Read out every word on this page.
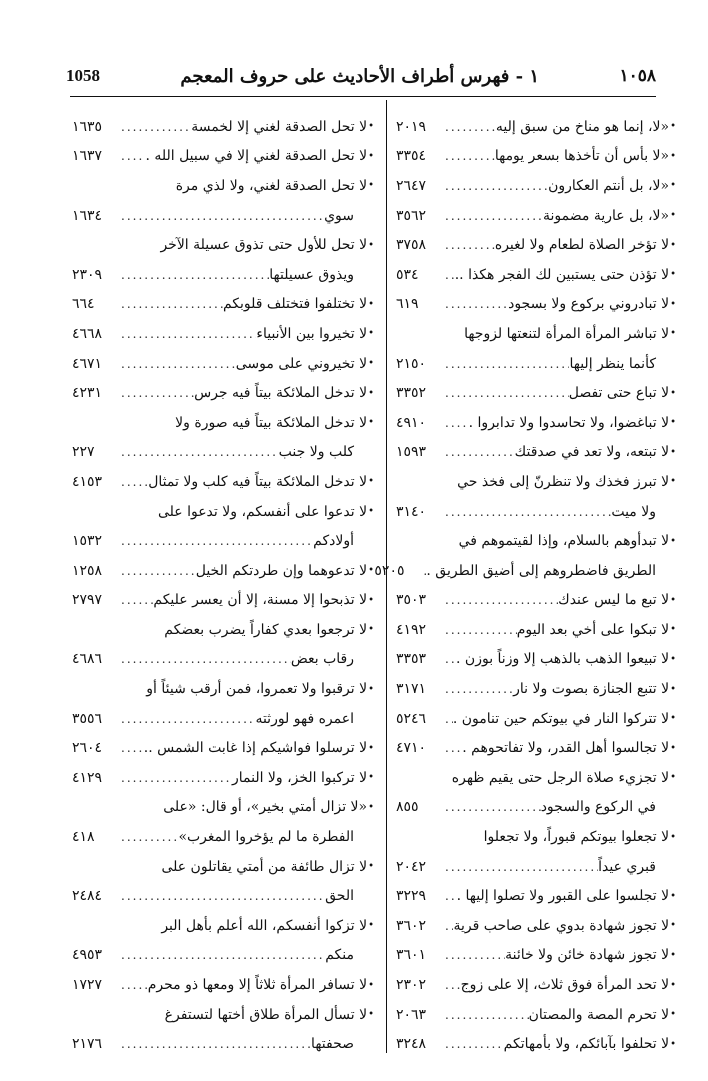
1058	١ - فهرس أطراف الأحاديث على حروف المعجم	١٠٥٨
•
«لا، إنما هو مناخ من سبق إليه
.....
٢٠١٩
•
«لا بأس أن تأخذها بسعر يومها
.....
٣٣٥٤
•
«لا، بل أنتم العكارون
.....
٢٦٤٧
•
«لا، بل عارية مضمونة
.....
٣٥٦٢
•
لا تؤخر الصلاة لطعام ولا لغيره
.....
٣٧٥٨
•
لا تؤذن حتى يستبين لك الفجر هكذا ..
.....
٥٣٤
•
لا تبادروني بركوع ولا بسجود
.....
٦١٩
•
لا تباشر المرأة المرأة لتنعتها لزوجها
كأنما ينظر إليها
.....
٢١٥٠
•
لا تباع حتى تفصل
.....
٣٣٥٢
•
لا تباغضوا، ولا تحاسدوا ولا تدابروا .
.....
٤٩١٠
•
لا تبتعه، ولا تعد في صدقتك
.....
١٥٩٣
•
لا تبرز فخذك ولا تنظرنّ إلى فخذ حي
ولا ميت
.....
٣١٤٠
•
لا تبدأوهم بالسلام، وإذا لقيتموهم في
الطريق فاضطروهم إلى أضيق الطريق .
.....
٥٢٠٥
•
لا تبع ما ليس عندك
.....
٣٥٠٣
•
لا تبكوا على أخي بعد اليوم
.....
٤١٩٢
•
لا تبيعوا الذهب بالذهب إلا وزناً بوزن .
.....
٣٣٥٣
•
لا تتبع الجنازة بصوت ولا نار
.....
٣١٧١
•
لا تتركوا النار في بيوتكم حين تنامون .
.....
٥٢٤٦
•
لا تجالسوا أهل القدر، ولا تفاتحوهم .
.....
٤٧١٠
•
لا تجزيء صلاة الرجل حتى يقيم ظهره
في الركوع والسجود
.....
٨٥٥
•
لا تجعلوا بيوتكم قبوراً، ولا تجعلوا
قبري عيداً
.....
٢٠٤٢
•
لا تجلسوا على القبور ولا تصلوا إليها .
.....
٣٢٢٩
•
لا تجوز شهادة بدوي على صاحب قرية
.....
٣٦٠٢
•
لا تجوز شهادة خائن ولا خائنة
.....
٣٦٠١
•
لا تحد المرأة فوق ثلاث، إلا على زوج
.....
٢٣٠٢
•
لا تحرم المصة والمصتان
.....
٢٠٦٣
•
لا تحلفوا بآبائكم، ولا بأمهاتكم
.....
٣٢٤٨
•
لا تحل الصدقة لغني إلا لخمسة
.....
١٦٣٥
•
لا تحل الصدقة لغني إلا في سبيل الله .
.....
١٦٣٧
•
لا تحل الصدقة لغني، ولا لذي مرة
سوي
.....
١٦٣٤
•
لا تحل للأول حتى تذوق عسيلة الآخر
ويذوق عسيلتها
.....
٢٣٠٩
•
لا تختلفوا فتختلف قلوبكم
.....
٦٦٤
•
لا تخيروا بين الأنبياء
.....
٤٦٦٨
•
لا تخيروني على موسى
.....
٤٦٧١
•
لا تدخل الملائكة بيتاً فيه جرس
.....
٤٢٣١
•
لا تدخل الملائكة بيتاً فيه صورة ولا
كلب ولا جنب
.....
٢٢٧
•
لا تدخل الملائكة بيتاً فيه كلب ولا تمثال
.....
٤١٥٣
•
لا تدعوا على أنفسكم، ولا تدعوا على
أولادكم
.....
١٥٣٢
•
لا تدعوهما وإن طردتكم الخيل
.....
١٢٥٨
•
لا تذبحوا إلا مسنة، إلا أن يعسر عليكم
.....
٢٧٩٧
•
لا ترجعوا بعدي كفاراً يضرب بعضكم
رقاب بعض
.....
٤٦٨٦
•
لا ترقبوا ولا تعمروا، فمن أرقب شيئاً أو
اعمره فهو لورثته
.....
٣٥٥٦
•
لا ترسلوا فواشيكم إذا غابت الشمس ..
.....
٢٦٠٤
•
لا تركبوا الخز، ولا النمار
.....
٤١٢٩
•
«لا تزال أمتي بخير»، أو قال: «على
الفطرة ما لم يؤخروا المغرب»
.....
٤١٨
•
لا تزال طائفة من أمتي يقاتلون على
الحق
.....
٢٤٨٤
•
لا تزكوا أنفسكم، الله أعلم بأهل البر
منكم
.....
٤٩٥٣
•
لا تسافر المرأة ثلاثاً إلا ومعها ذو محرم
.....
١٧٢٧
•
لا تسأل المرأة طلاق أختها لتستفرغ
صحفتها
.....
٢١٧٦
